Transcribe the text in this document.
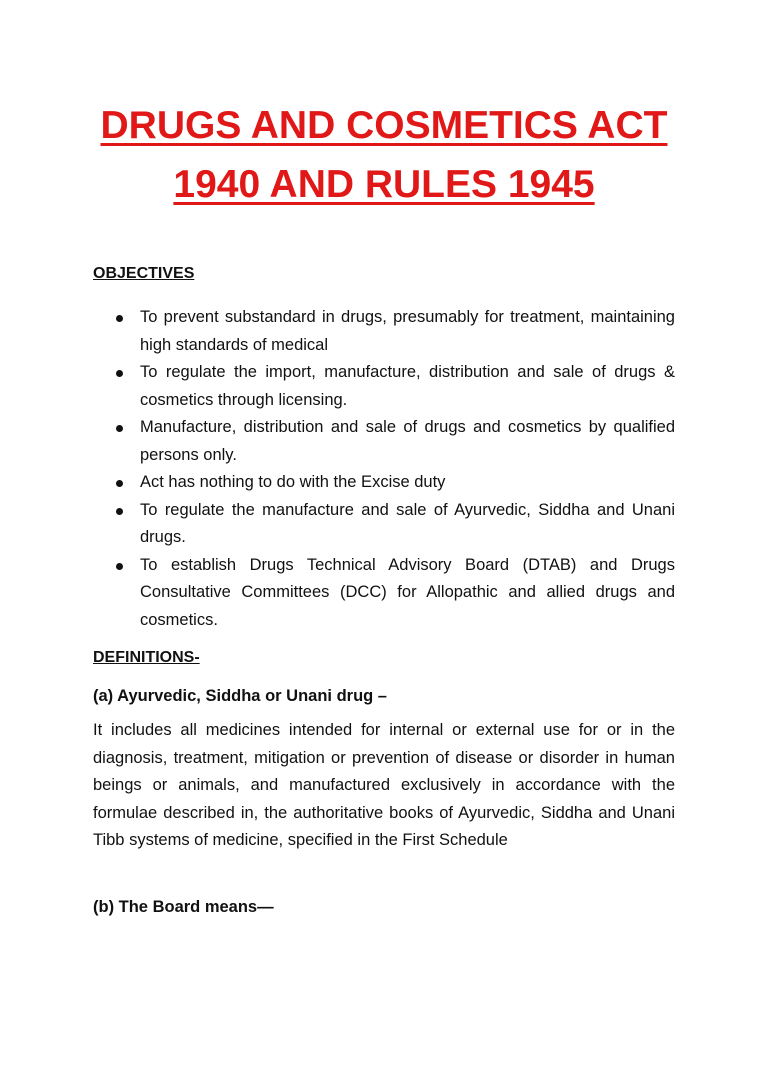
DRUGS AND COSMETICS ACT
1940 AND RULES 1945
OBJECTIVES
To prevent substandard in drugs, presumably for treatment, maintaining high standards of medical
To regulate the import, manufacture, distribution and sale of drugs & cosmetics through licensing.
Manufacture, distribution and sale of drugs and cosmetics by qualified persons only.
Act has nothing to do with the Excise duty
To regulate the manufacture and sale of Ayurvedic, Siddha and Unani drugs.
To establish Drugs Technical Advisory Board (DTAB) and Drugs Consultative Committees (DCC) for Allopathic and allied drugs and cosmetics.
DEFINITIONS-
(a) Ayurvedic, Siddha or Unani drug –

It includes all medicines intended for internal or external use for or in the diagnosis, treatment, mitigation or prevention of disease or disorder in human beings or animals, and manufactured exclusively in accordance with the formulae described in, the authoritative books of Ayurvedic, Siddha and Unani Tibb systems of medicine, specified in the First Schedule

(b) The Board means—
